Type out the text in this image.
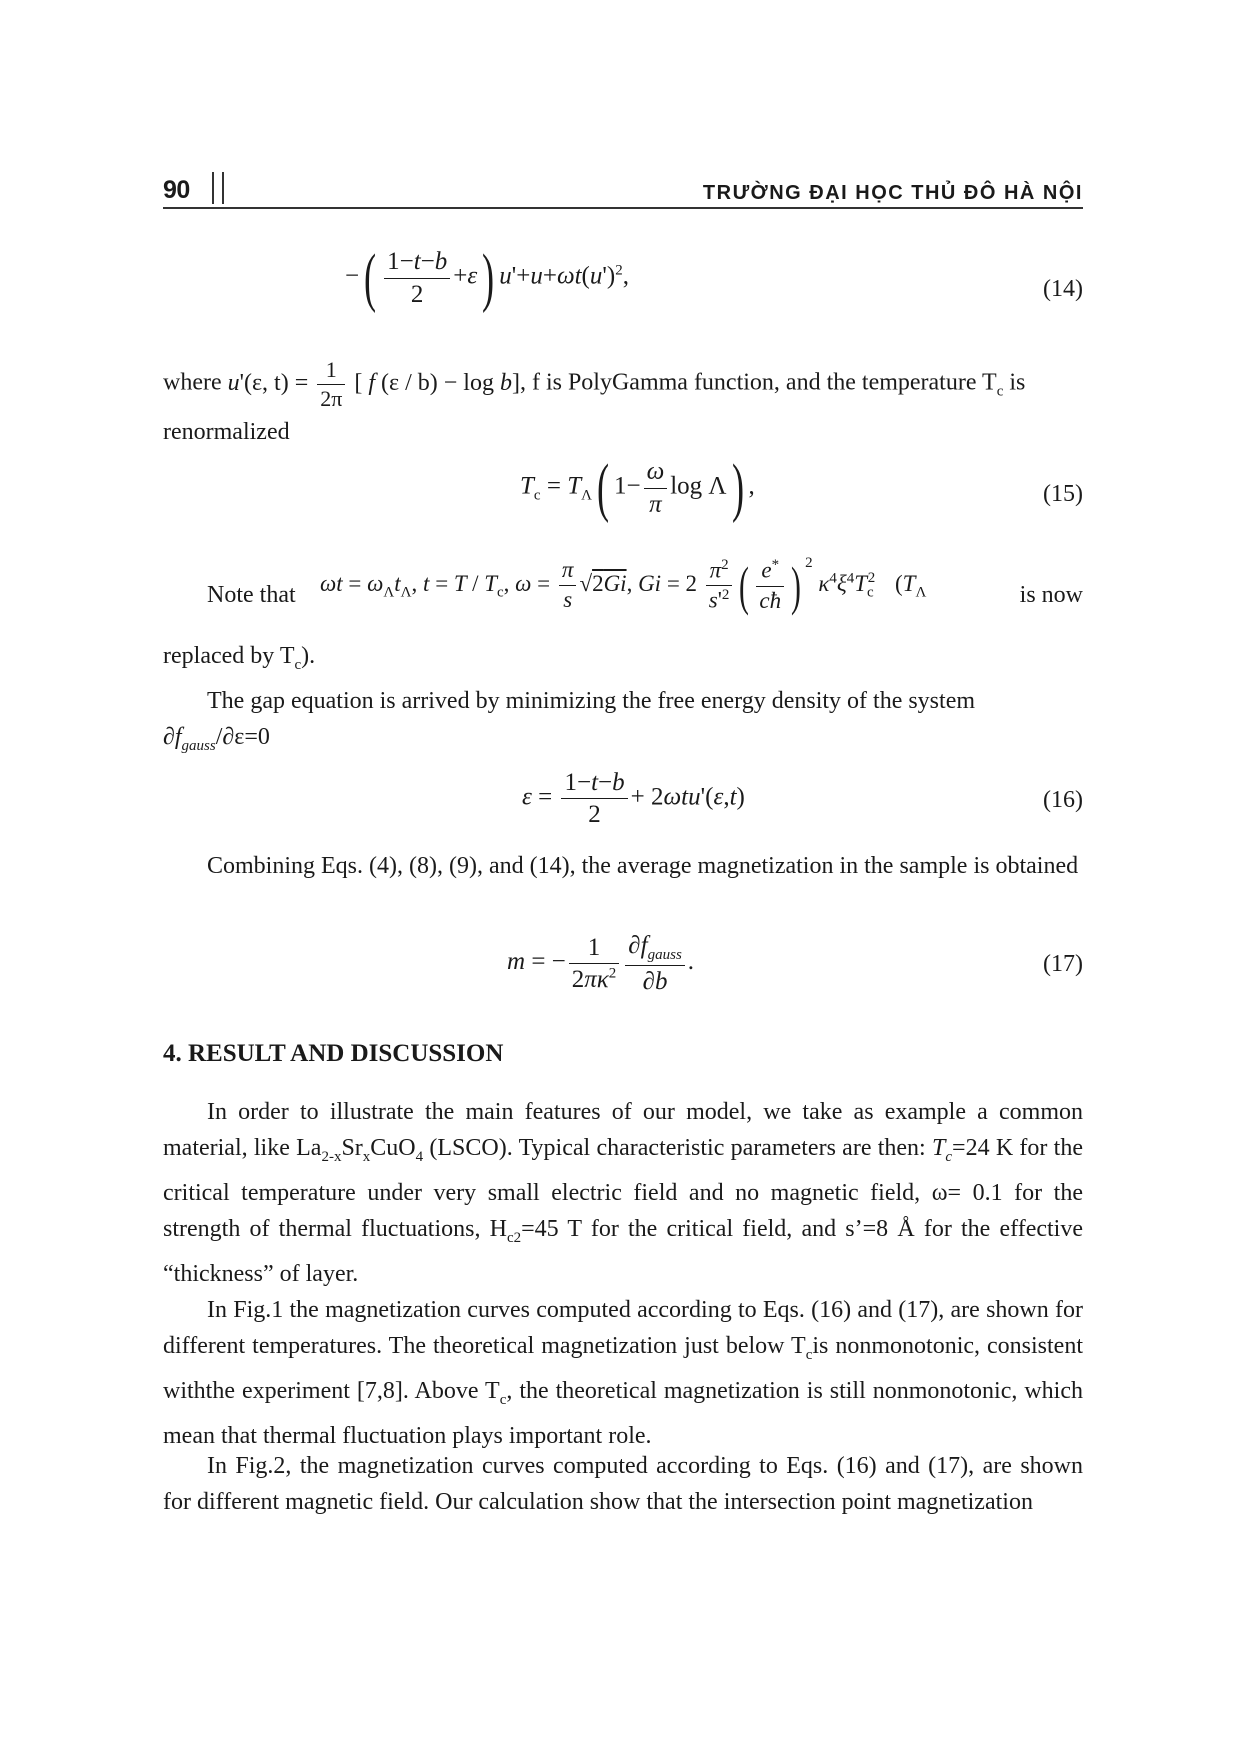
90	TRƯỜNG ĐẠI HỌC THỦ ĐÔ HÀ NỘI
−( $\frac{1-t-b}{2} +\varepsilon$) $u'+u+\omega t(u')^2$,	(14)
where u'(ε, $t) = \frac{1}{2\pi}$ [ f (ε / b) − log b], f is PolyGamma function, and the temperature $T_c$ is
renormalized
$T_c = T_\Lambda$( $1- \frac{\omega}{\pi}$ log Λ) ,	(15)
Note that	$\omega t = \omega_\Lambda t_\Lambda$, $t = T / T_c$, $\omega = \frac{\pi}{s} √2\overline{Gi}$, $Gi = 2 \frac{\pi^2}{s'^2}$ ( $\frac{e^*}{cħ}$ ) $^2$ $\kappa^4\xi^4T_c^2$ ($T_\Lambda$	is now
replaced by $T_c$).
The gap equation is arrived by minimizing the free energy density of the system
$\partial f_{gauss}/\partial\varepsilon=0$
$\varepsilon = \frac{1-t-b}{2} + 2\omega tu'(\varepsilon,t)$	(16)
Combining Eqs. (4), (8), (9), and (14), the average magnetization in the sample is obtained
m = − $\frac{1}{2\pi\kappa^2} \frac{\partial f_{gauss}}{\partial b}$ .	(17)
4. RESULT AND DISCUSSION
In order to illustrate the main features of our model, we take as example a common material, like $La_{2-x}Sr_xCuO_4$ (LSCO). Typical characteristic parameters are then: $T_c=24$ K for the critical temperature under very small electric field and no magnetic field, ω= 0.1 for the strength of thermal fluctuations, $H_{c2}=45$ T for the critical field, and s’=8 Å for the effective “thickness” of layer.
In Fig.1 the magnetization curves computed according to Eqs. (16) and (17), are shown for different temperatures. The theoretical magnetization just below $T_cis$ nonmonotonic, consistent withthe experiment [7,8]. Above $T_c$, the theoretical magnetization is still nonmonotonic, which mean that thermal fluctuation plays important role.
In Fig.2, the magnetization curves computed according to Eqs. (16) and (17), are shown for different magnetic field. Our calculation show that the intersection point magnetization
